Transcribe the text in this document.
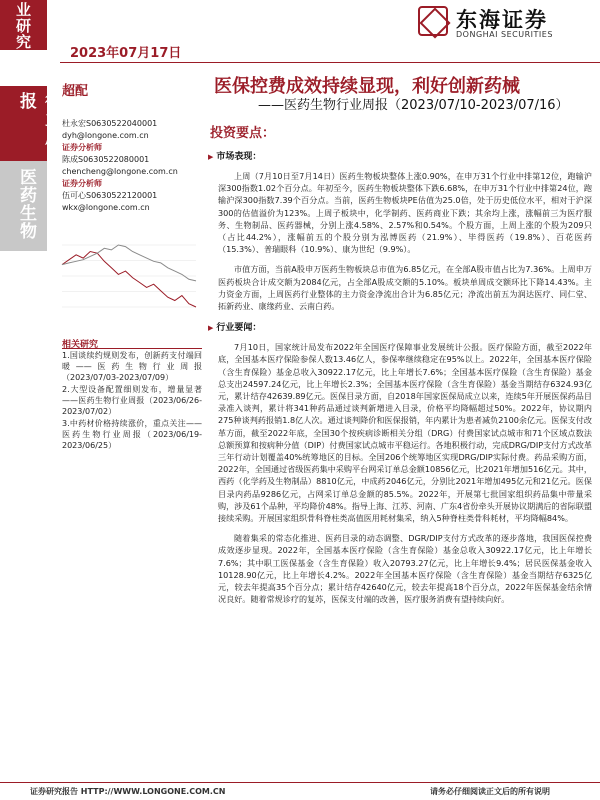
业研究
行业周报
医药生物
2023年07月17日
东海证券
DONGHAI SECURITIES
超配	医保控费成效持续显现，利好创新药械
——医药生物行业周报（2023/07/10-2023/07/16）
杜永宏S0630522040001
dyh@longone.com.cn
证券分析师
陈成S0630522080001
chencheng@longone.com.cn
证券分析师
伍可心S0630522120001
wkx@longone.com.cn
相关研究

1.国谈续约规则发布，创新药支付端回暖——医药生物行业周报（2023/07/03-2023/07/09）

2.大型设备配置细则发布，增量显著——医药生物行业周报（2023/06/26-2023/07/02）

3.中药材价格持续涨价，重点关注——医药生物行业周报（2023/06/19-2023/06/25）

投资要点：
▶ 市场表现：

上周（7月10日至7月14日）医药生物板块整体上涨0.90%，在申万31个行业中排第12位，跑输沪深300指数1.02个百分点。年初至今，医药生物板块整体下跌6.68%，在申万31个行业中排第24位，跑输沪深300指数7.39个百分点。当前，医药生物板块PE估值为25.0倍，处于历史低位水平，相对于沪深300的估值溢价为123%。上周子板块中，化学制药、医药商业下跌；其余均上涨，涨幅前三为医疗服务、生物制品、医药器械，分别上涨4.58%、2.57%和0.54%。个股方面，上周上涨的个股为209只（占比44.2%），涨幅前五的个股分别为泓博医药（21.9%）、毕得医药（19.8%）、百花医药（15.3%）、普瑞眼科（10.9%）、康为世纪（9.9%）。

市值方面，当前A股申万医药生物板块总市值为6.85亿元，在全部A股市值占比为7.36%。上周申万医药板块合计成交额为2084亿元，占全部A股成交额的5.10%。板块单周成交额环比下降14.43%。主力资金方面，上周医药行业整体的主力资金净流出合计为6.85亿元；净流出前五为润达医疗、同仁堂、拓新药业、康缘药业、云南白药。

▶ 行业要闻：

7月10日，国家统计局发布2022年全国医疗保障事业发展统计公报。医疗保险方面，截至2022年底，全国基本医疗保险参保人数13.46亿人，参保率继续稳定在95%以上。2022年，全国基本医疗保险（含生育保险）基金总收入30922.17亿元，比上年增长7.6%；全国基本医疗保险（含生育保险）基金总支出24597.24亿元，比上年增长2.3%；全国基本医疗保险（含生育保险）基金当期结存6324.93亿元，累计结存42639.89亿元。医保目录方面，自2018年国家医保局成立以来，连续5年开展医保药品目录准入谈判，累计将341种药品通过谈判新增进入目录，价格平均降幅超过50%。2022年，协议期内275种谈判药报销1.8亿人次。通过谈判降价和医保报销，年内累计为患者减负2100余亿元。医保支付改革方面，截至2022年底，全国30个按疾病诊断相关分组（DRG）付费国家试点城市和71个区域点数法总额预算和按病种分值（DIP）付费国家试点城市平稳运行。各地积极行动，完成DRG/DIP支付方式改革三年行动计划覆盖40%统筹地区的目标。全国206个统筹地区实现DRG/DIP实际付费。药品采购方面，2022年，全国通过省级医药集中采购平台网采订单总金额10856亿元，比2021年增加516亿元。其中，西药（化学药及生物制品）8810亿元，中成药2046亿元，分别比2021年增加495亿元和21亿元。医保目录内药品9286亿元，占网采订单总金额的85.5%。2022年，开展第七批国家组织药品集中带量采购，涉及61个品种，平均降价48%。指导上海、江苏、河南、广东4省份牵头开展协议期满后的省际联盟接续采购。开展国家组织骨科脊柱类高值医用耗材集采，纳入5种脊柱类骨科耗材，平均降幅84%。

随着集采的常态化推进、医药目录的动态调整、DGR/DIP支付方式改革的逐步落地，我国医保控费成效逐步显现。2022年，全国基本医疗保险（含生育保险）基金总收入30922.17亿元，比上年增长7.6%；其中职工医保基金（含生育保险）收入20793.27亿元，比上年增长9.4%；居民医保基金收入10128.90亿元，比上年增长4.2%。2022年全国基本医疗保险（含生育保险）基金当期结存6325亿元，较去年提高35个百分点；累计结存42640亿元，较去年提高18个百分点，2022年医保基金结余情况良好。随着常规诊疗的复苏，医保支付端的改善，医疗服务消费有望持续向好。

证券研究报告 HTTP://WWW.LONGONE.COM.CN	请务必仔细阅读正文后的所有说明
